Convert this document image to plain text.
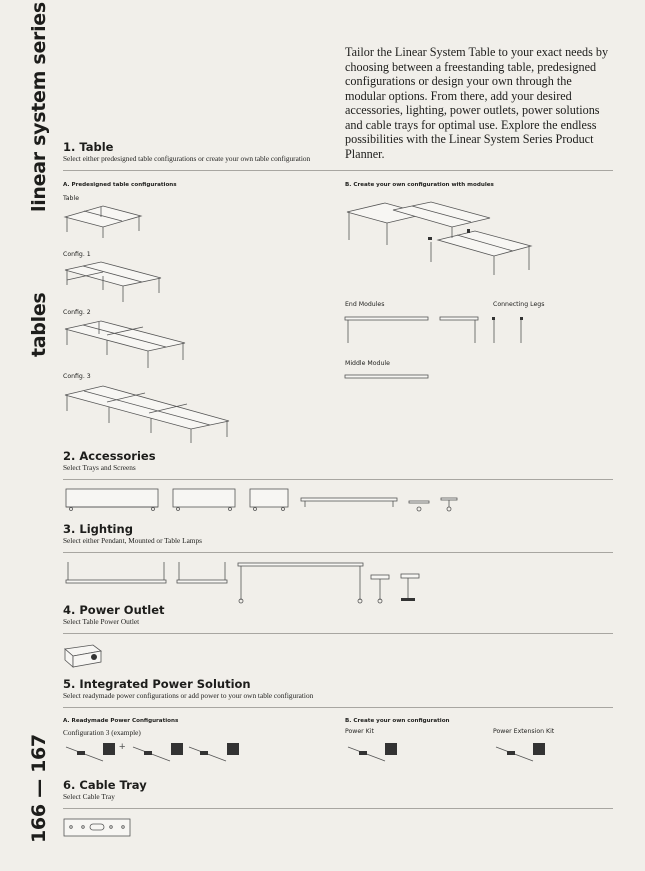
linear system series
tables
166 — 167
Tailor the Linear System Table to your exact needs by choosing between a freestanding table, predesigned configurations or design your own through the modular options. From there, add your desired accessories, lighting, power outlets, power solutions and cable trays for optimal use. Explore the endless possibilities with the Linear System Series Product Planner.
1. Table
Select either predesigned table configurations or create your own table configuration
A. Predesigned table configurations	B. Create your own configuration with modules
Table
Config. 1
Config. 2
Config. 3
End Modules	Connecting Legs
Middle Module
2. Accessories
Select Trays and Screens
3. Lighting
Select either Pendant, Mounted or Table Lamps
4. Power Outlet
Select Table Power Outlet
5. Integrated Power Solution
Select readymade power configurations or add power to your own table configuration
A. Readymade Power Configurations
Configuration 3 (example)
B. Create your own configuration
Power Kit	Power Extension Kit
+
6. Cable Tray
Select Cable Tray
